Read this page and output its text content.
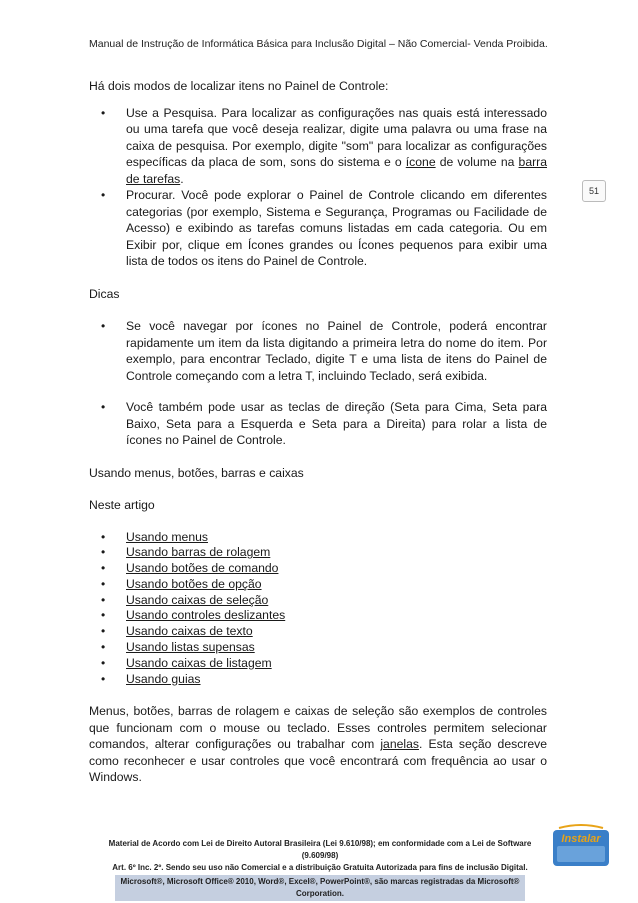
Manual de Instrução de Informática Básica para Inclusão Digital – Não Comercial- Venda Proibida.
51

Há dois modos de localizar itens no Painel de Controle:

• Use a Pesquisa. Para localizar as configurações nas quais está interessado ou uma tarefa que você deseja realizar, digite uma palavra ou uma frase na caixa de pesquisa. Por exemplo, digite "som" para localizar as configurações específicas da placa de som, sons do sistema e o ícone de volume na barra de tarefas.
• Procurar. Você pode explorar o Painel de Controle clicando em diferentes categorias (por exemplo, Sistema e Segurança, Programas ou Facilidade de Acesso) e exibindo as tarefas comuns listadas em cada categoria. Ou em Exibir por, clique em Ícones grandes ou Ícones pequenos para exibir uma lista de todos os itens do Painel de Controle.

Dicas

• Se você navegar por ícones no Painel de Controle, poderá encontrar rapidamente um item da lista digitando a primeira letra do nome do item. Por exemplo, para encontrar Teclado, digite T e uma lista de itens do Painel de Controle começando com a letra T, incluindo Teclado, será exibida.
• Você também pode usar as teclas de direção (Seta para Cima, Seta para Baixo, Seta para a Esquerda e Seta para a Direita) para rolar a lista de ícones no Painel de Controle.

Usando menus, botões, barras e caixas

Neste artigo

• Usando menus
• Usando barras de rolagem
• Usando botões de comando
• Usando botões de opção
• Usando caixas de seleção
• Usando controles deslizantes
• Usando caixas de texto
• Usando listas supensas
• Usando caixas de listagem
• Usando guias

Menus, botões, barras de rolagem e caixas de seleção são exemplos de controles que funcionam com o mouse ou teclado. Esses controles permitem selecionar comandos, alterar configurações ou trabalhar com janelas. Esta seção descreve como reconhecer e usar controles que você encontrará com frequência ao usar o Windows.

Material de Acordo com Lei de Direito Autoral Brasileira (Lei 9.610/98); em conformidade com a Lei de Software (9.609/98)
Art. 6º Inc. 2º. Sendo seu uso não Comercial e a distribuição Gratuita Autorizada para fins de inclusão Digital.
Microsoft®, Microsoft Office® 2010, Word®, Excel®, PowerPoint®, são marcas registradas da Microsoft® Corporation.
Instalar
